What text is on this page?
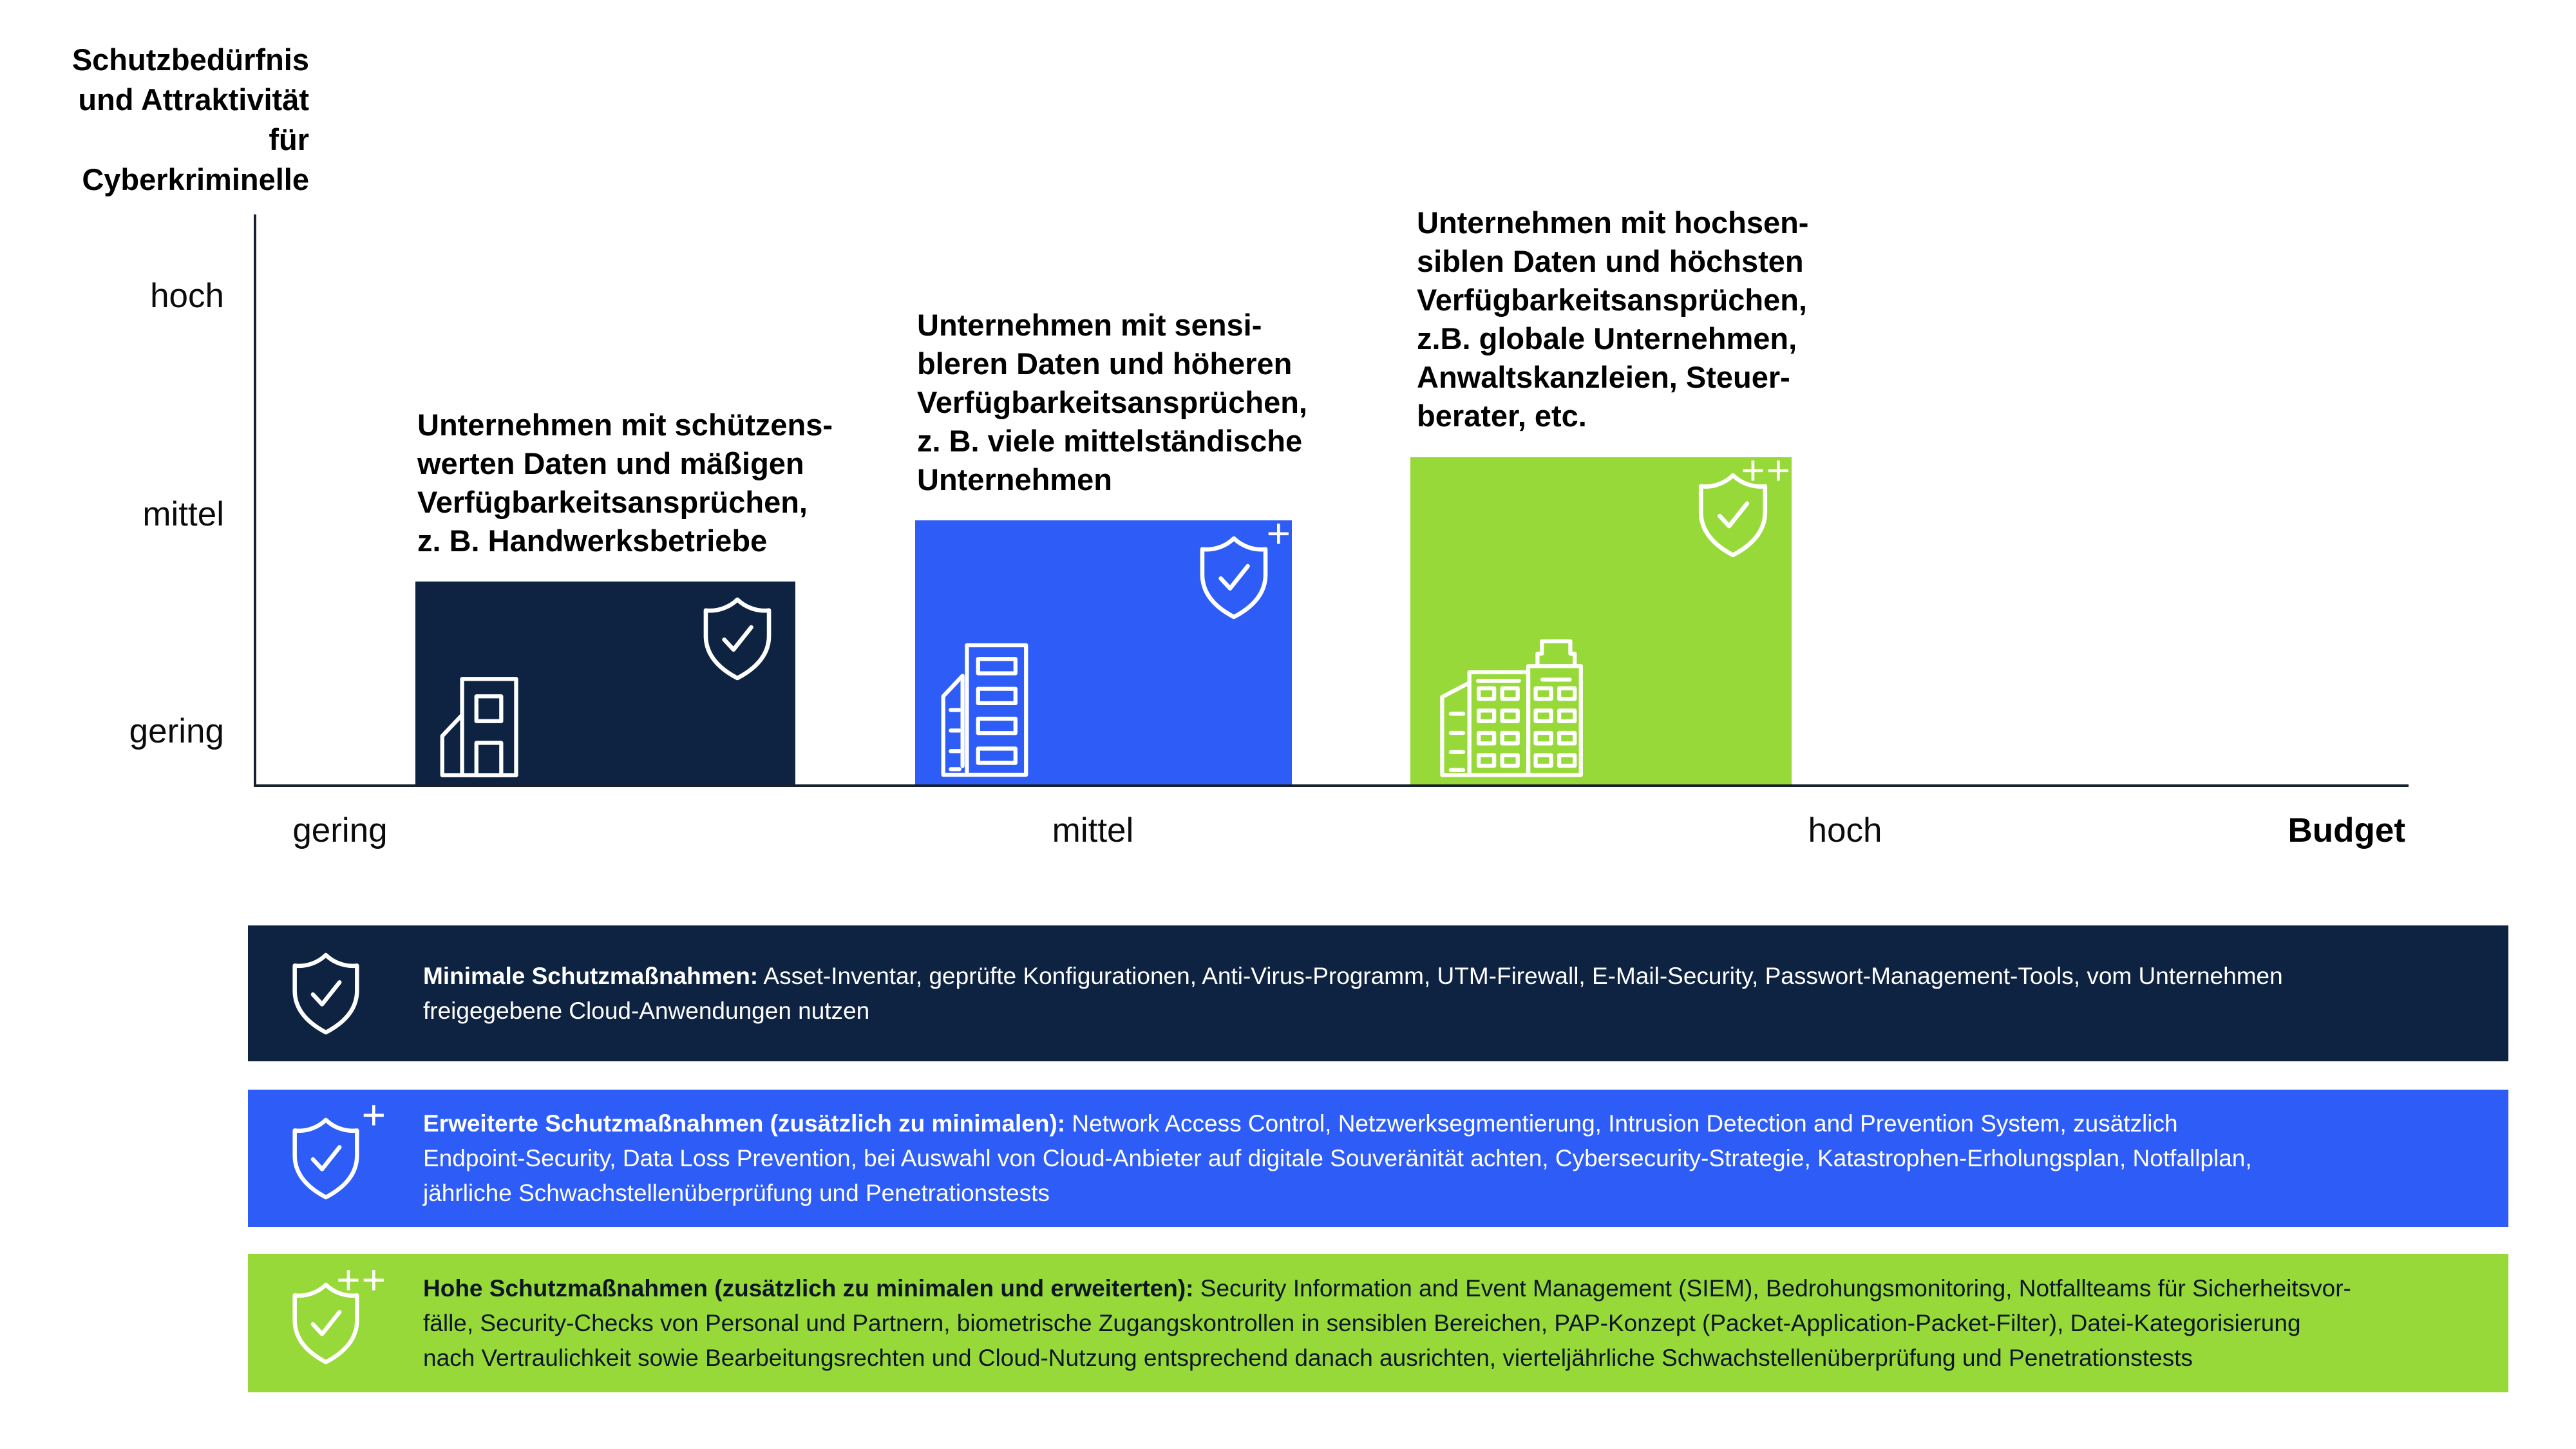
Schutzbedürfnis
und Attraktivität
für Cyberkriminelle
hoch
mittel
gering
gering	mittel	hoch	Budget
Unternehmen mit schützens-
werten Daten und mäßigen
Verfügbarkeitsansprüchen,
z. B. Handwerksbetriebe
Unternehmen mit sensi-
bleren Daten und höheren
Verfügbarkeitsansprüchen,
z. B. viele mittelständische
Unternehmen
Unternehmen mit hochsen-
siblen Daten und höchsten
Verfügbarkeitsansprüchen,
z.B. globale Unternehmen,
Anwaltskanzleien, Steuer-
berater, etc.
+
++
Minimale Schutzmaßnahmen: Asset-Inventar, geprüfte Konfigurationen, Anti-Virus-Programm, UTM-Firewall, E-Mail-Security, Passwort-Management-Tools, vom Unternehmen
freigegebene Cloud-Anwendungen nutzen
+ Erweiterte Schutzmaßnahmen (zusätzlich zu minimalen): Network Access Control, Netzwerksegmentierung, Intrusion Detection and Prevention System, zusätzlich
Endpoint-Security, Data Loss Prevention, bei Auswahl von Cloud-Anbieter auf digitale Souveränität achten, Cybersecurity-Strategie, Katastrophen-Erholungsplan, Notfallplan,
jährliche Schwachstellenüberprüfung und Penetrationstests
++ Hohe Schutzmaßnahmen (zusätzlich zu minimalen und erweiterten): Security Information and Event Management (SIEM), Bedrohungsmonitoring, Notfallteams für Sicherheitsvor-
fälle, Security-Checks von Personal und Partnern, biometrische Zugangskontrollen in sensiblen Bereichen, PAP-Konzept (Packet-Application-Packet-Filter), Datei-Kategorisierung
nach Vertraulichkeit sowie Bearbeitungsrechten und Cloud-Nutzung entsprechend danach ausrichten, vierteljährliche Schwachstellenüberprüfung und Penetrationstests
